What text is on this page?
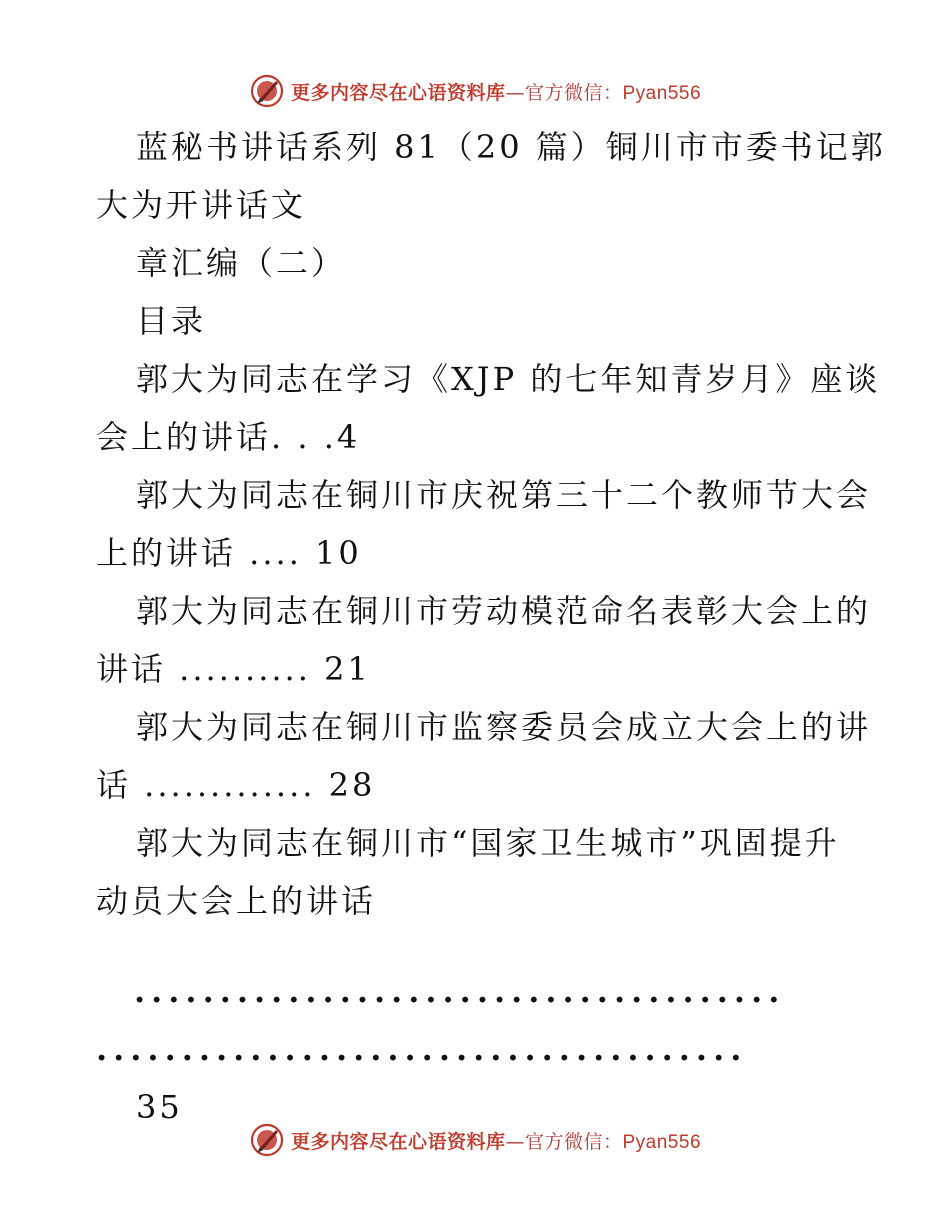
更多内容尽在心语资料库—官方微信：Pyan556
蓝秘书讲话系列 81（20 篇）铜川市市委书记郭
大为开讲话文
章汇编（二）
目录
郭大为同志在学习《XJP 的七年知青岁月》座谈
会上的讲话. . .4
郭大为同志在铜川市庆祝第三十二个教师节大会
上的讲话 .... 10
郭大为同志在铜川市劳动模范命名表彰大会上的
讲话 .......... 21
郭大为同志在铜川市监察委员会成立大会上的讲
话 ............. 28
郭大为同志在铜川市“国家卫生城市”巩固提升
动员大会上的讲话
......................................
......................................
35
更多内容尽在心语资料库—官方微信：Pyan556
